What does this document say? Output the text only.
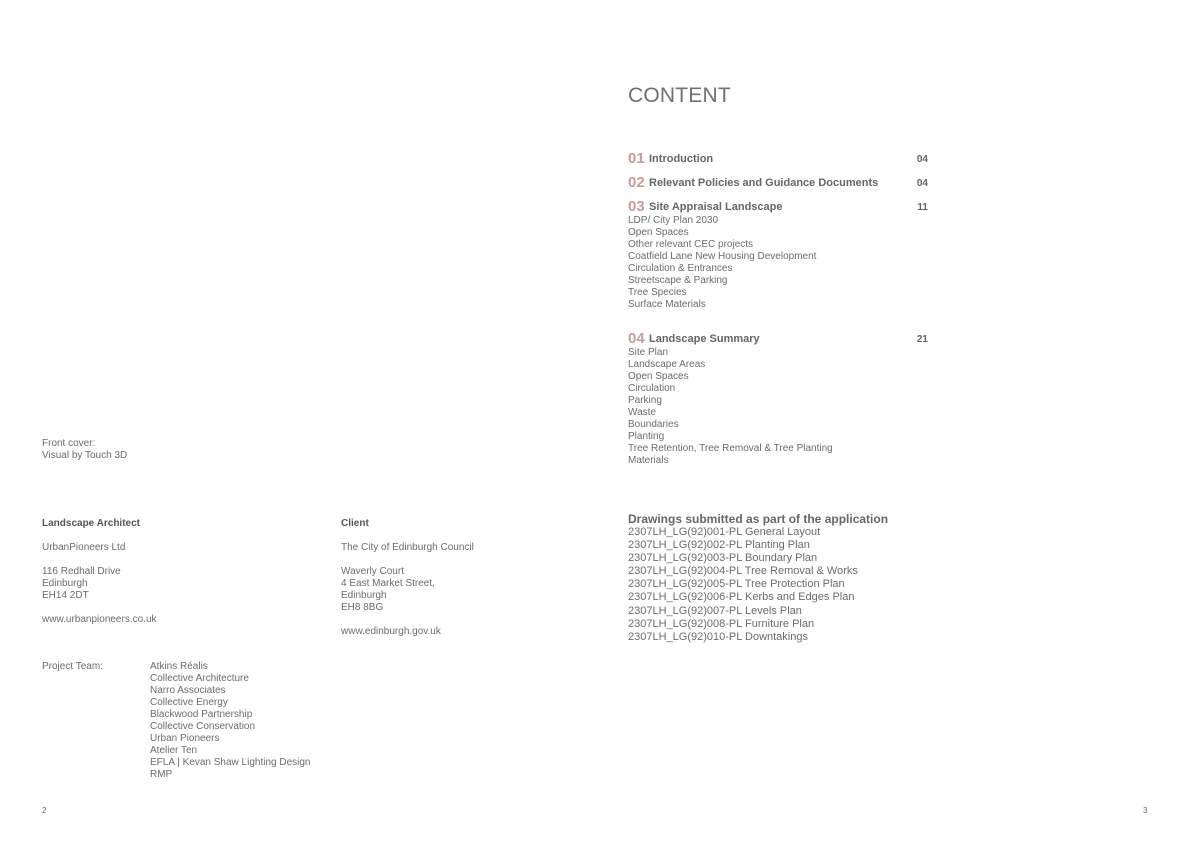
Front cover:
Visual by Touch 3D
Landscape Architect
UrbanPioneers Ltd
116 Redhall Drive
Edinburgh
EH14 2DT
www.urbanpioneers.co.uk
Client
The City of Edinburgh Council
Waverly Court
4 East Market Street,
Edinburgh
EH8 8BG
www.edinburgh.gov.uk
Project Team:	Atkins Réalis
Collective Architecture
Narro Associates
Collective Energy
Blackwood Partnership
Collective Conservation
Urban Pioneers
Atelier Ten
EFLA | Kevan Shaw Lighting Design
RMP
2
CONTENT
01 Introduction	04
02 Relevant Policies and Guidance Documents	04
03 Site Appraisal Landscape	11
LDP/ City Plan 2030
Open Spaces
Other relevant CEC projects
Coatfield Lane New Housing Development
Circulation & Entrances
Streetscape & Parking
Tree Species
Surface Materials
04 Landscape Summary	21
Site Plan
Landscape Areas
Open Spaces
Circulation
Parking
Waste
Boundaries
Planting
Tree Retention, Tree Removal & Tree Planting
Materials
Drawings submitted as part of the application
2307LH_LG(92)001-PL General Layout
2307LH_LG(92)002-PL Planting Plan
2307LH_LG(92)003-PL Boundary Plan
2307LH_LG(92)004-PL Tree Removal & Works
2307LH_LG(92)005-PL Tree Protection Plan
2307LH_LG(92)006-PL Kerbs and Edges Plan
2307LH_LG(92)007-PL Levels Plan
2307LH_LG(92)008-PL Furniture Plan
2307LH_LG(92)010-PL Downtakings
3
